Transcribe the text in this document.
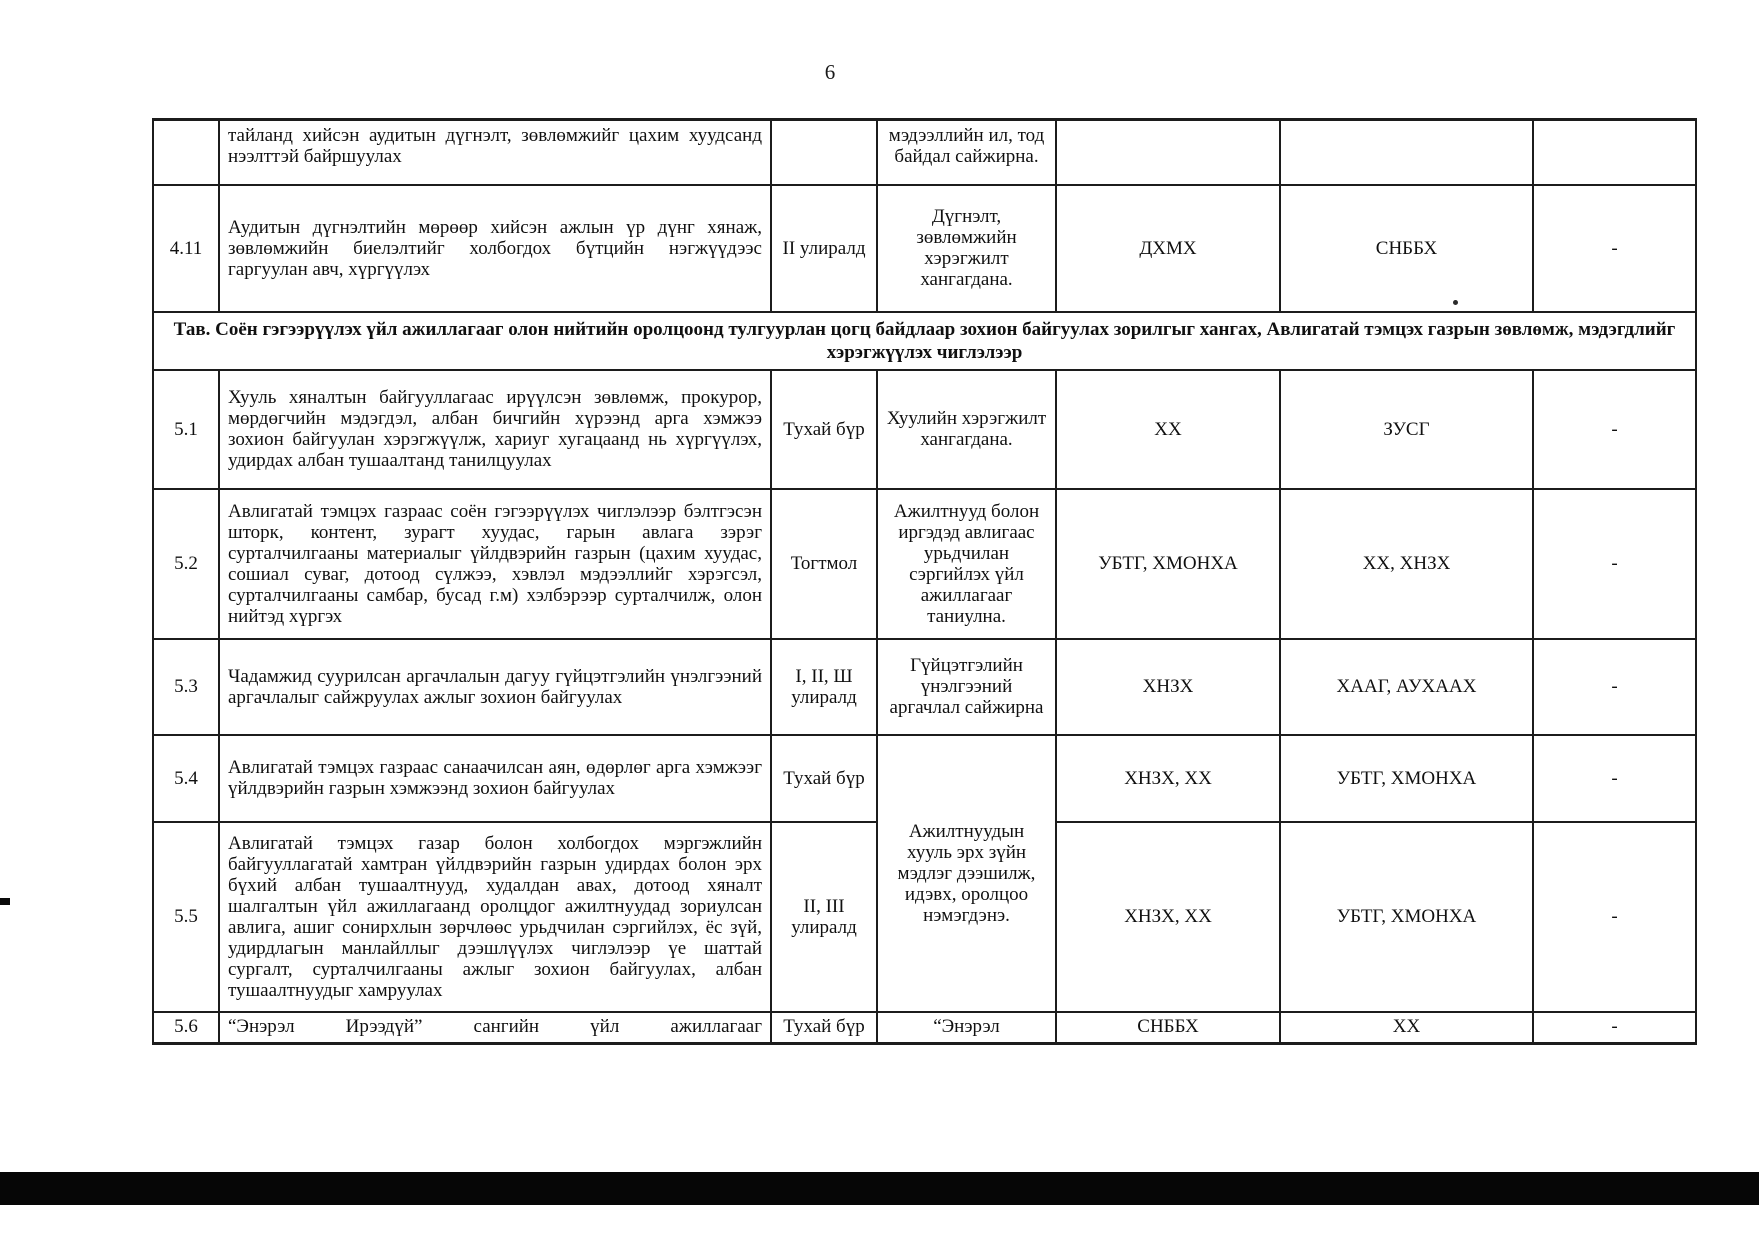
6
	тайланд хийсэн аудитын дүгнэлт, зөвлөмжийг цахим хуудсанд нээлттэй байршуулах		мэдээллийн ил, тод байдал сайжирна.			
4.11	Аудитын дүгнэлтийн мөрөөр хийсэн ажлын үр дүнг хянаж, зөвлөмжийн биелэлтийг холбогдох бүтцийн нэгжүүдээс гаргуулан авч, хүргүүлэх	II улиралд	Дүгнэлт, зөвлөмжийн хэрэгжилт хангагдана.	ДХМХ	СНББХ	-
Тав. Соён гэгээрүүлэх үйл ажиллагааг олон нийтийн оролцоонд тулгуурлан цогц байдлаар зохион байгуулах зорилгыг хангах, Авлигатай тэмцэх газрын зөвлөмж, мэдэгдлийг хэрэгжүүлэх чиглэлээр						
5.1	Хууль хяналтын байгууллагаас ирүүлсэн зөвлөмж, прокурор, мөрдөгчийн мэдэгдэл, албан бичгийн хүрээнд арга хэмжээ зохион байгуулан хэрэгжүүлж, хариуг хугацаанд нь хүргүүлэх, удирдах албан тушаалтанд танилцуулах	Тухай бүр	Хуулийн хэрэгжилт хангагдана.	ХХ	ЗУСГ	-
5.2	Авлигатай тэмцэх газраас соён гэгээрүүлэх чиглэлээр бэлтгэсэн шторк, контент, зурагт хуудас, гарын авлага зэрэг сурталчилгааны материалыг үйлдвэрийн газрын (цахим хуудас, сошиал суваг, дотоод сүлжээ, хэвлэл мэдээллийг хэрэгсэл, сурталчилгааны самбар, бусад г.м) хэлбэрээр сурталчилж, олон нийтэд хүргэх	Тогтмол	Ажилтнууд болон иргэдэд авлигаас урьдчилан сэргийлэх үйл ажиллагааг таниулна.	УБТГ, ХМОНХА	ХХ, ХНЗХ	-
5.3	Чадамжид суурилсан аргачлалын дагуу гүйцэтгэлийн үнэлгээний аргачлалыг сайжруулах ажлыг зохион байгуулах	I, II, Ш улиралд	Гүйцэтгэлийн үнэлгээний аргачлал сайжирна	ХНЗХ	ХААГ, АУХААХ	-
5.4	Авлигатай тэмцэх газраас санаачилсан аян, өдөрлөг арга хэмжээг үйлдвэрийн газрын хэмжээнд зохион байгуулах	Тухай бүр	Ажилтнуудын хууль эрх зүйн мэдлэг дээшилж, идэвх, оролцоо нэмэгдэнэ.	ХНЗХ, ХХ	УБТГ, ХМОНХА	-
5.5	Авлигатай тэмцэх газар болон холбогдох мэргэжлийн байгууллагатай хамтран үйлдвэрийн газрын удирдах болон эрх бүхий албан тушаалтнууд, худалдан авах, дотоод хяналт шалгалтын үйл ажиллагаанд оролцдог ажилтнуудад зориулсан авлига, ашиг сонирхлын зөрчлөөс урьдчилан сэргийлэх, ёс зүй, удирдлагын манлайллыг дээшлүүлэх чиглэлээр үе шаттай сургалт, сурталчилгааны ажлыг зохион байгуулах, албан тушаалтнуудыг хамруулах	II, III улиралд		ХНЗХ, ХХ	УБТГ, ХМОНХА	-
5.6	“Энэрэл Ирээдүй” сангийн үйл ажиллагааг	Тухай бүр	“Энэрэл	СНББХ	ХХ	-
